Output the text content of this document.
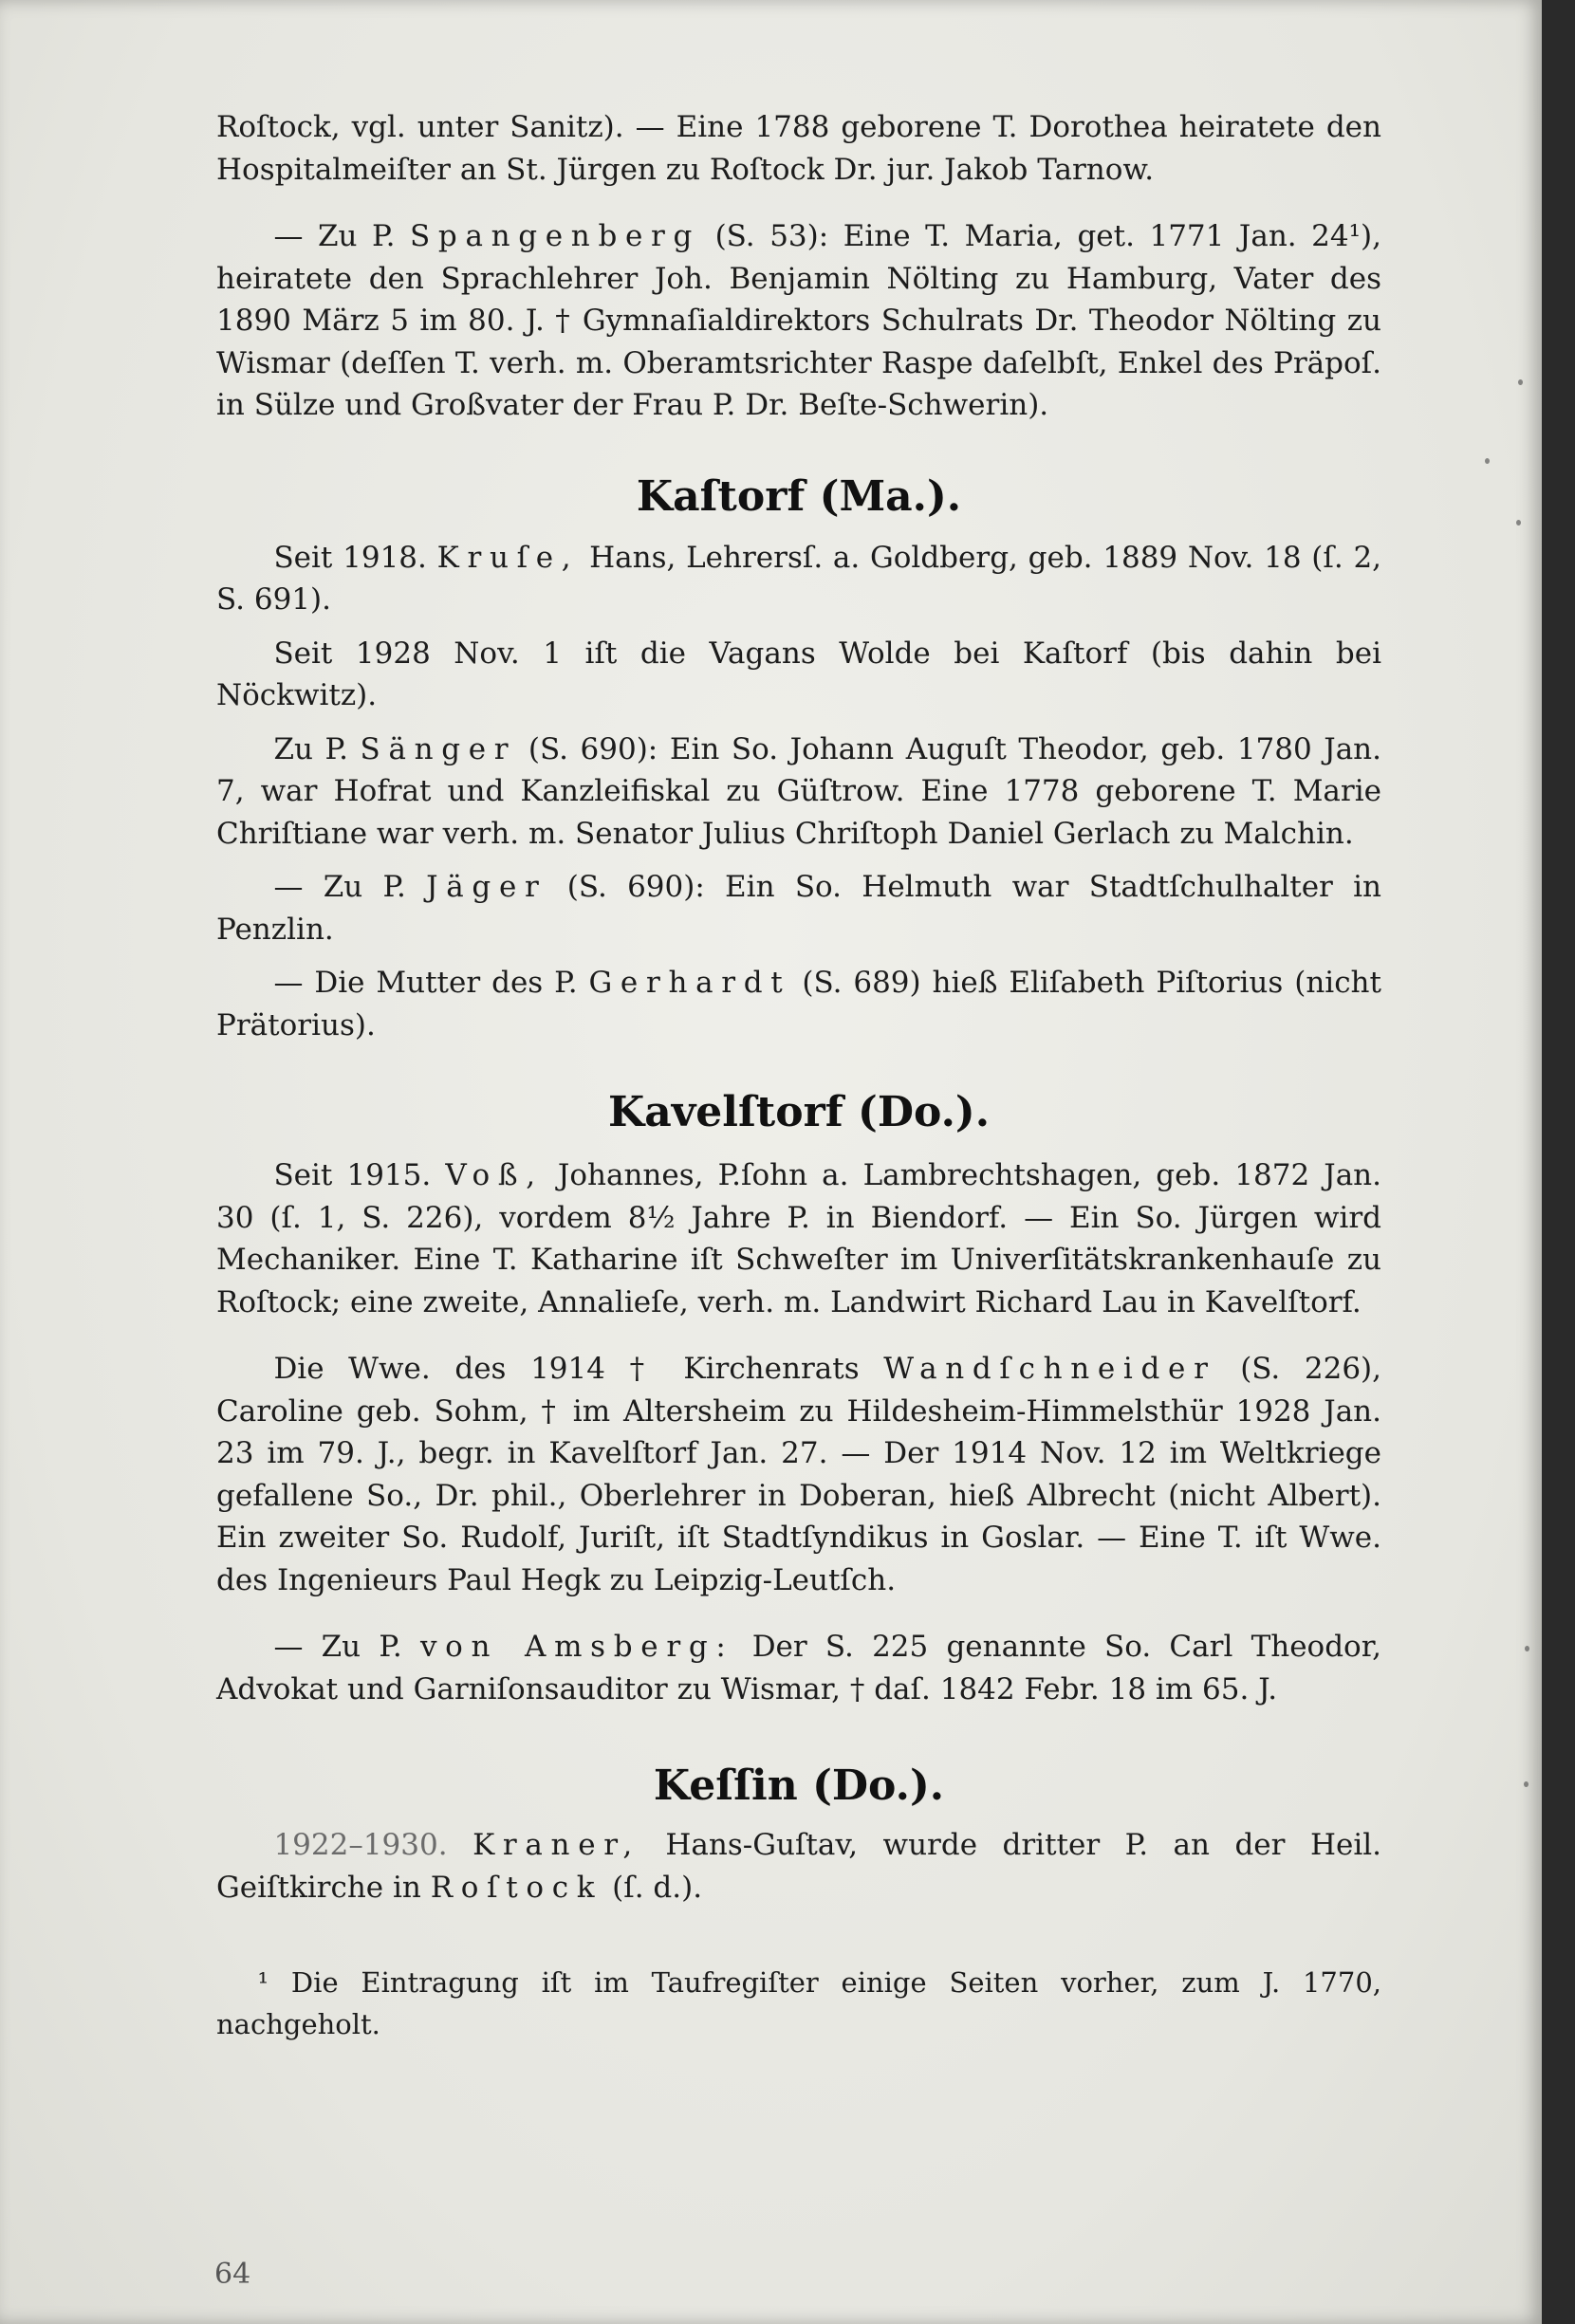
Roſtock, vgl. unter Sanitz). — Eine 1788 geborene T. Dorothea heiratete den Hospitalmeiſter an St. Jürgen zu Roſtock Dr. jur. Jakob Tarnow.

— Zu P. Spangenberg (S. 53): Eine T. Maria, get. 1771 Jan. 24¹), heiratete den Sprachlehrer Joh. Benjamin Nölting zu Hamburg, Vater des 1890 März 5 im 80. J. † Gymnaſialdirektors Schulrats Dr. Theodor Nölting zu Wismar (deſſen T. verh. m. Oberamtsrichter Raspe daſelbſt, Enkel des Präpoſ. in Sülze und Großvater der Frau P. Dr. Beſte-Schwerin).

Kaſtorf (Ma.).

Seit 1918. Kruſe, Hans, Lehrersſ. a. Goldberg, geb. 1889 Nov. 18 (ſ. 2, S. 691).

Seit 1928 Nov. 1 iſt die Vagans Wolde bei Kaſtorf (bis dahin bei Nöckwitz).

Zu P. Sänger (S. 690): Ein So. Johann Auguſt Theodor, geb. 1780 Jan. 7, war Hofrat und Kanzleifiskal zu Güſtrow. Eine 1778 geborene T. Marie Chriſtiane war verh. m. Senator Julius Chriſtoph Daniel Gerlach zu Malchin.

— Zu P. Jäger (S. 690): Ein So. Helmuth war Stadtſchulhalter in Penzlin.

— Die Mutter des P. Gerhardt (S. 689) hieß Eliſabeth Piſtorius (nicht Prätorius).

Kavelſtorf (Do.).

Seit 1915. Voß, Johannes, P.ſohn a. Lambrechtshagen, geb. 1872 Jan. 30 (ſ. 1, S. 226), vordem 8½ Jahre P. in Biendorf. — Ein So. Jürgen wird Mechaniker. Eine T. Katharine iſt Schweſter im Univerſitätskrankenhauſe zu Roſtock; eine zweite, Annalieſe, verh. m. Landwirt Richard Lau in Kavelſtorf.

Die Wwe. des 1914 † Kirchenrats Wandſchneider (S. 226), Caroline geb. Sohm, † im Altersheim zu Hildesheim-Himmelsthür 1928 Jan. 23 im 79. J., begr. in Kavelſtorf Jan. 27. — Der 1914 Nov. 12 im Weltkriege gefallene So., Dr. phil., Oberlehrer in Doberan, hieß Albrecht (nicht Albert). Ein zweiter So. Rudolf, Juriſt, iſt Stadtſyndikus in Goslar. — Eine T. iſt Wwe. des Ingenieurs Paul Hegk zu Leipzig-Leutſch.

— Zu P. von Amsberg: Der S. 225 genannte So. Carl Theodor, Advokat und Garniſonsauditor zu Wismar, † daſ. 1842 Febr. 18 im 65. J.

Keſſin (Do.).

1922–1930. Kraner, Hans-Guſtav, wurde dritter P. an der Heil. Geiſtkirche in Roſtock (ſ. d.).

¹ Die Eintragung iſt im Taufregiſter einige Seiten vorher, zum J. 1770, nachgeholt.

64
